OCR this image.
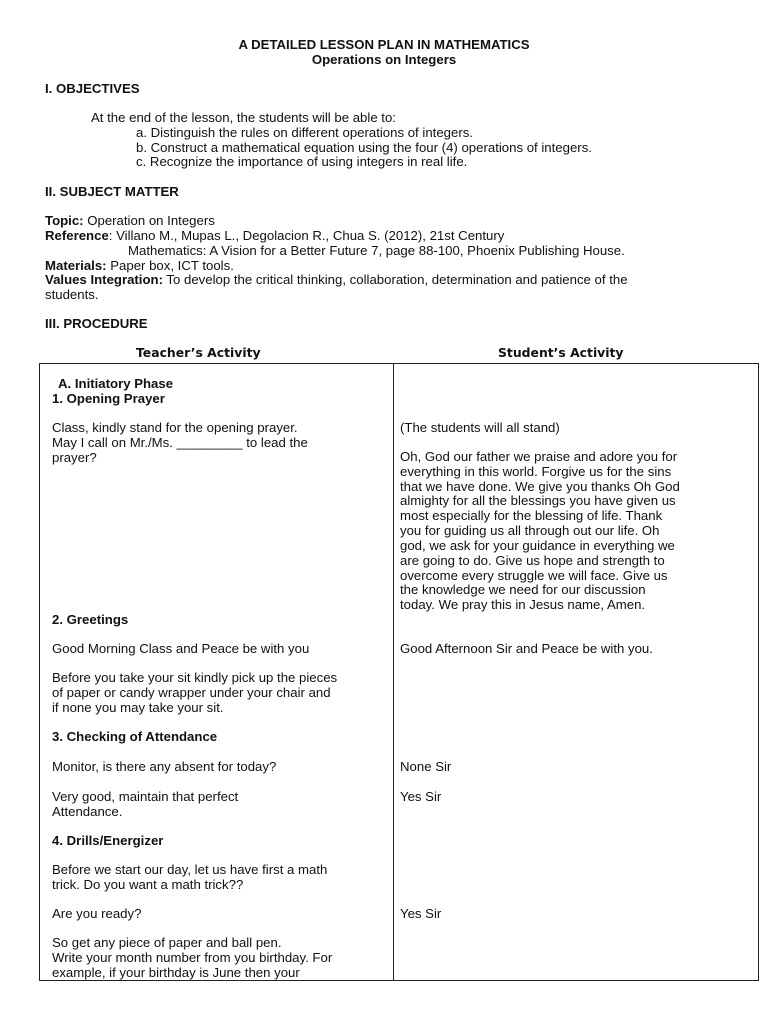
A DETAILED LESSON PLAN IN MATHEMATICS
Operations on Integers
I. OBJECTIVES
At the end of the lesson, the students will be able to:
a. Distinguish the rules on different operations of integers.
b. Construct a mathematical equation using the four (4) operations of integers.
c. Recognize the importance of using integers in real life.
II. SUBJECT MATTER
Topic: Operation on Integers
Reference: Villano M., Mupas L., Degolacion R., Chua S. (2012), 21st Century
Mathematics: A Vision for a Better Future 7, page 88-100, Phoenix Publishing House.
Materials: Paper box, ICT tools.
Values Integration: To develop the critical thinking, collaboration, determination and patience of the
students.
III. PROCEDURE
Teacher’s Activity	Student’s Activity
A. Initiatory Phase
1. Opening Prayer
Class, kindly stand for the opening prayer.
May I call on Mr./Ms. _________ to lead the
prayer?
2. Greetings
Good Morning Class and Peace be with you
Before you take your sit kindly pick up the pieces
of paper or candy wrapper under your chair and
if none you may take your sit.
3. Checking of Attendance
Monitor, is there any absent for today?
Very good, maintain that perfect
Attendance.
4. Drills/Energizer
Before we start our day, let us have first a math
trick. Do you want a math trick??
Are you ready?
So get any piece of paper and ball pen.
Write your month number from you birthday. For
example, if your birthday is June then your
(The students will all stand)
Oh, God our father we praise and adore you for
everything in this world. Forgive us for the sins
that we have done. We give you thanks Oh God
almighty for all the blessings you have given us
most especially for the blessing of life. Thank
you for guiding us all through out our life. Oh
god, we ask for your guidance in everything we
are going to do. Give us hope and strength to
overcome every struggle we will face. Give us
the knowledge we need for our discussion
today. We pray this in Jesus name, Amen.
Good Afternoon Sir and Peace be with you.
None Sir
Yes Sir
Yes Sir
